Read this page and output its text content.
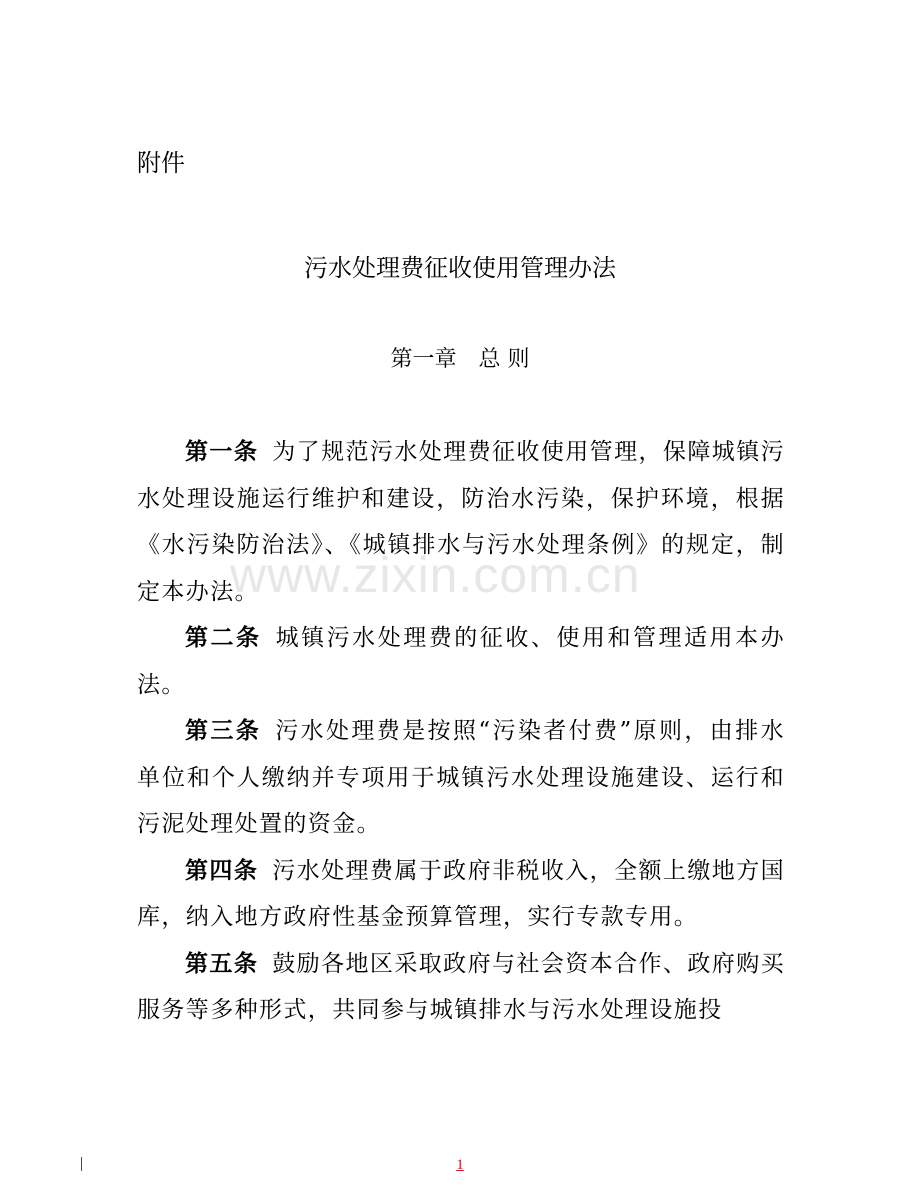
附件
污水处理费征收使用管理办法
第一章　总 则

第一条 为了规范污水处理费征收使用管理，保障城镇污水处理设施运行维护和建设，防治水污染，保护环境，根据《水污染防治法》、《城镇排水与污水处理条例》的规定，制定本办法。

第二条 城镇污水处理费的征收、使用和管理适用本办法。

第三条 污水处理费是按照“污染者付费”原则，由排水单位和个人缴纳并专项用于城镇污水处理设施建设、运行和污泥处理处置的资金。

第四条 污水处理费属于政府非税收入，全额上缴地方国库，纳入地方政府性基金预算管理，实行专款专用。

第五条 鼓励各地区采取政府与社会资本合作、政府购买服务等多种形式，共同参与城镇排水与污水处理设施投

www.zixin.com.cn
1
